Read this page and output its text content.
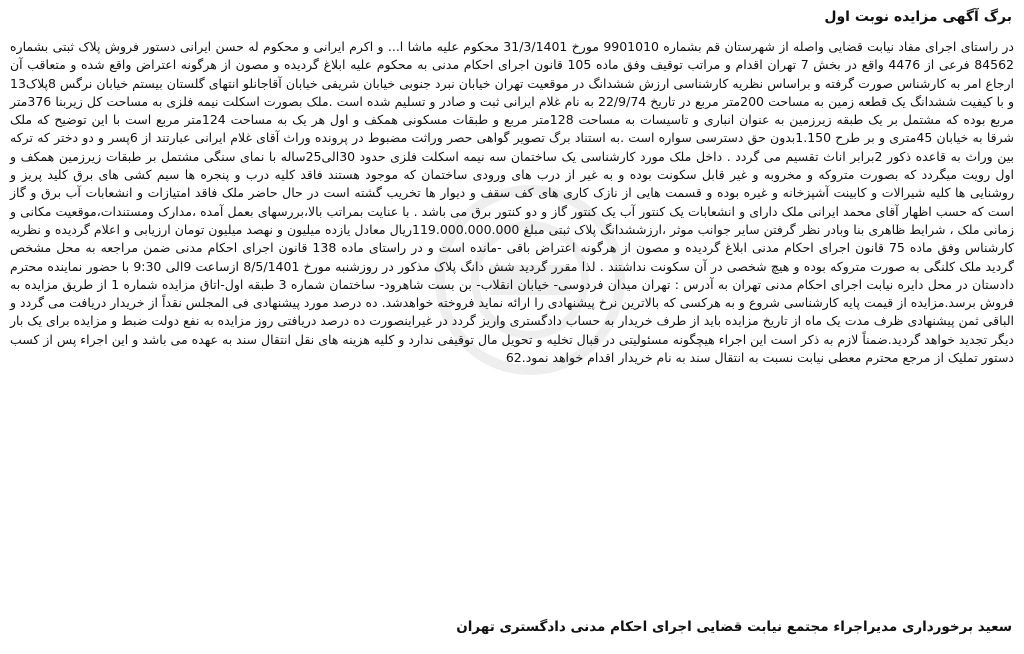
برگ آگهی مزایده نوبت اول

در راستای اجرای مفاد نیابت قضایی واصله از شهرستان قم بشماره 9901010 مورخ 31/3/1401 محکوم علیه ماشا ا... و اکرم ایرانی و محکوم له حسن ایرانی دستور فروش پلاک ثبتی بشماره 84562 فرعی از 4476 واقع در بخش 7 تهران اقدام و مراتب توقیف وفق ماده 105 قانون اجرای احکام مدنی به محکوم علیه ابلاغ گردیده و مصون از هرگونه اعتراض واقع شده و متعاقب آن ارجاع امر به کارشناس صورت گرفته و براساس نظریه کارشناسی ارزش ششدانگ در موقعیت تهران خیابان نبرد جنوبی خیابان شریفی خیابان آقاجانلو انتهای گلستان بیستم خیابان نرگس 8پلاک13 و با کیفیت ششدانگ یک قطعه زمین به مساحت 200متر مربع در تاریخ 22/9/74 به نام غلام ایرانی ثبت و صادر و تسلیم شده است .ملک بصورت اسکلت نیمه فلزی به مساحت کل زیربنا 376متر مربع بوده که مشتمل بر یک طبقه زیرزمین به عنوان انباری و تاسیسات به مساحت 128متر مربع و طبقات مسکونی همکف و اول هر یک به مساحت 124متر مربع است با این توضیح که ملک شرقا به خیابان 45متری و بر طرح 1.150بدون حق دسترسی سواره است .به استناد برگ تصویر گواهی حصر وراثت مضبوط در پرونده وراث آقای غلام ایرانی عبارتند از 6پسر و دو دختر که ترکه بین وراث به قاعده ذکور 2برابر اناث تقسیم می گردد . داخل ملک مورد کارشناسی یک ساختمان سه نیمه اسکلت فلزی حدود 30الی25ساله با نمای سنگی مشتمل بر طبقات زیرزمین همکف و اول رویت میگردد که بصورت متروکه و مخروبه و غیر قابل سکونت بوده و به غیر از درب های ورودی ساختمان که موجود هستند فاقد کلیه درب و پنجره ها سیم کشی های برق کلید پریز و روشنایی ها کلیه شیرالات و کابینت آشپزخانه و غیره بوده و قسمت هایی از نازک کاری های کف سقف و دیوار ها تخریب گشته است در حال حاضر ملک فاقد امتیازات و انشعابات آب برق و گاز است که حسب اظهار آقای محمد ایرانی ملک دارای و انشعابات یک کنتور آب یک کنتور گاز و دو کنتور برق می باشد . با عنایت بمراتب بالا،بررسهای بعمل آمده ،مدارک ومستندات،موقعیت مکانی و زمانی ملک ، شرایط ظاهری بنا وبادر نظر گرفتن سایر جوانب موثر ،ارزششدانگ پلاک ثبتی مبلغ 119.000.000.000ریال معادل یازده میلیون و نهصد میلیون تومان ارزیابی و اعلام گردیده و نظریه کارشناس وفق ماده 75 قانون اجرای احکام مدنی ابلاغ گردیده و مصون از هرگونه اعتراض باقی -مانده است و در راستای ماده 138 قانون اجرای احکام مدنی ضمن مراجعه به محل مشخص گردید ملک کلنگی به صورت متروکه بوده و هیچ شخصی در آن سکونت نداشتند . لذا مقرر گردید شش دانگ پلاک مذکور در روزشنبه مورخ 8/5/1401 ازساعت 9الی 9:30 با حضور نماینده محترم دادستان در محل دایره نیابت اجرای احکام مدنی تهران به آدرس : تهران میدان فردوسی- خیابان انقلاب- بن بست شاهرود- ساختمان شماره 3 طبقه اول-اتاق مزایده شماره 1 از طریق مزایده به فروش برسد.مزایده از قیمت پایه کارشناسی شروع و به هرکسی که بالاترین نرخ پیشنهادی را ارائه نماید فروخته خواهدشد. ده درصد مورد پیشنهادی فی المجلس نقداً از خریدار دریافت می گردد و الباقی ثمن پیشنهادی ظرف مدت یک ماه از تاریخ مزایده باید از طرف خریدار به حساب دادگستری واریز گردد در غیراینصورت ده درصد دریافتی روز مزایده به نفع دولت ضبط و مزایده برای یک بار دیگر تجدید خواهد گردید.ضمناً لازم به ذکر است این اجراء هیچگونه مسئولیتی در قبال تخلیه و تحویل مال توقیفی ندارد و کلیه هزینه های نقل انتقال سند به عهده می باشد و این اجراء پس از کسب دستور تملیک از مرجع محترم معطی نیابت نسبت به انتقال سند به نام خریدار اقدام خواهد نمود.62

سعید برخورداری مدیراجراء مجتمع نیابت قضایی اجرای احکام مدنی دادگستری تهران
